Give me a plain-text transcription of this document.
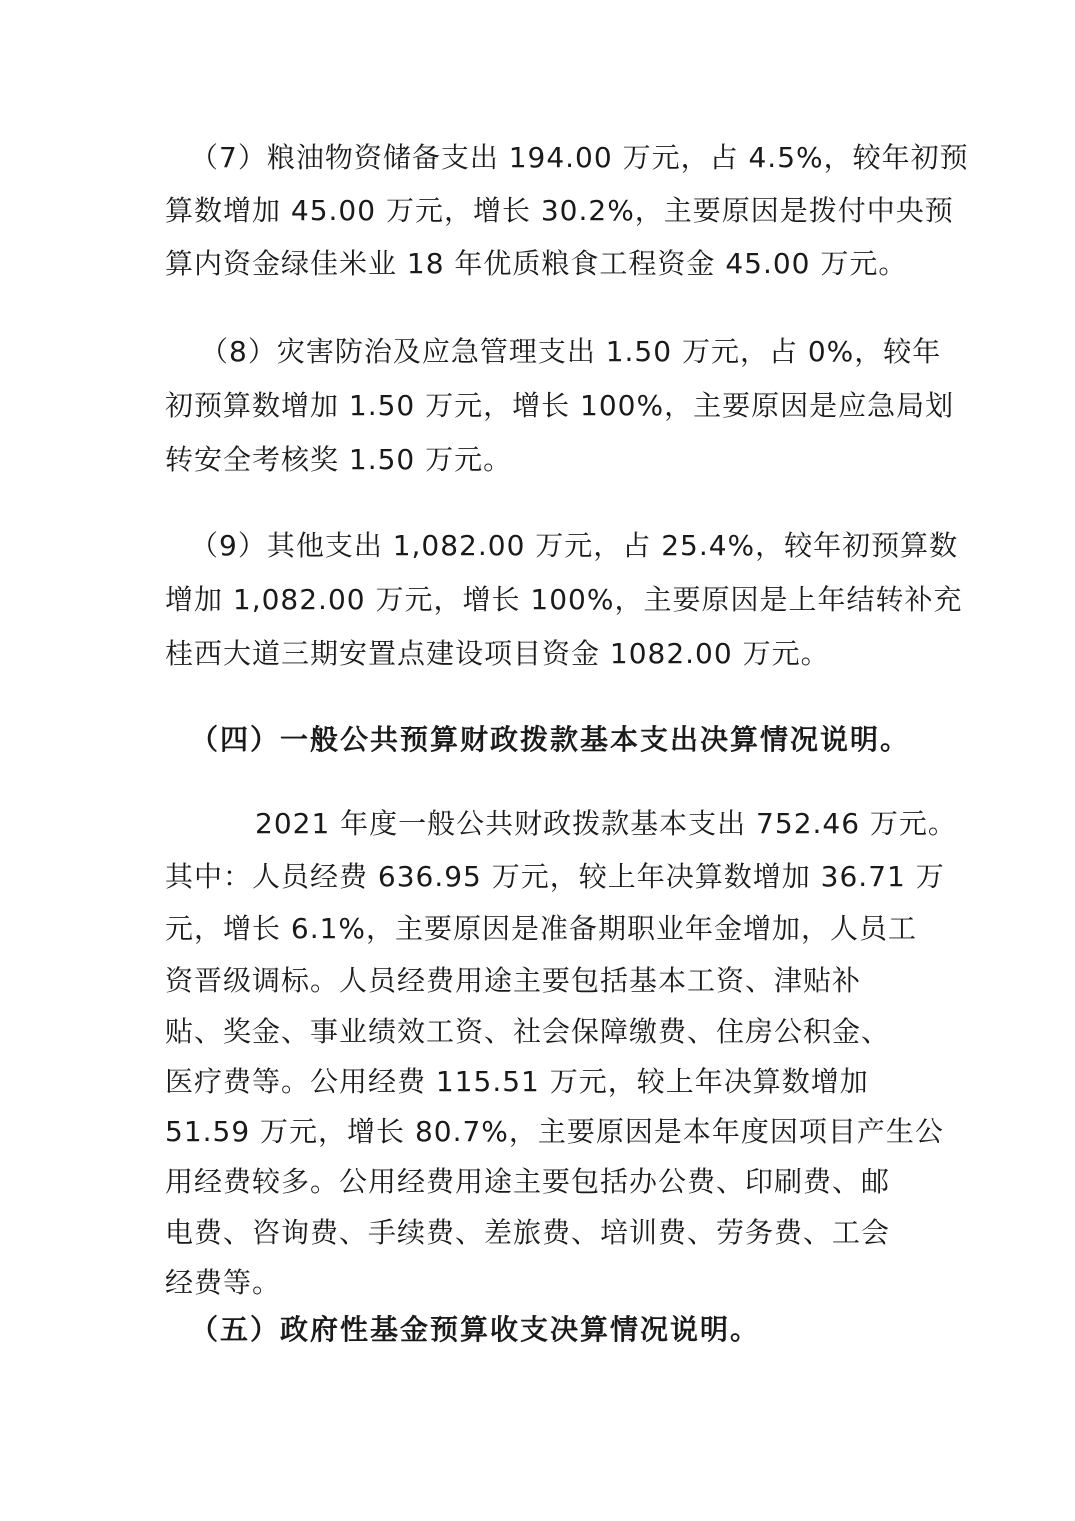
（7）粮油物资储备支出 194.00 万元，占 4.5%，较年初预
算数增加 45.00 万元，增长 30.2%，主要原因是拨付中央预
算内资金绿佳米业 18 年优质粮食工程资金 45.00 万元。
（8）灾害防治及应急管理支出 1.50 万元，占 0%，较年
初预算数增加 1.50 万元，增长 100%，主要原因是应急局划
转安全考核奖 1.50 万元。
（9）其他支出 1,082.00 万元，占 25.4%，较年初预算数
增加 1,082.00 万元，增长 100%，主要原因是上年结转补充
桂西大道三期安置点建设项目资金 1082.00 万元。
（四）一般公共预算财政拨款基本支出决算情况说明。
2021 年度一般公共财政拨款基本支出 752.46 万元。
其中：人员经费 636.95 万元，较上年决算数增加 36.71 万
元，增长 6.1%，主要原因是准备期职业年金增加，人员工
资晋级调标。人员经费用途主要包括基本工资、津贴补
贴、奖金、事业绩效工资、社会保障缴费、住房公积金、
医疗费等。公用经费 115.51 万元，较上年决算数增加
51.59 万元，增长 80.7%，主要原因是本年度因项目产生公
用经费较多。公用经费用途主要包括办公费、印刷费、邮
电费、咨询费、手续费、差旅费、培训费、劳务费、工会
经费等。
（五）政府性基金预算收支决算情况说明。
